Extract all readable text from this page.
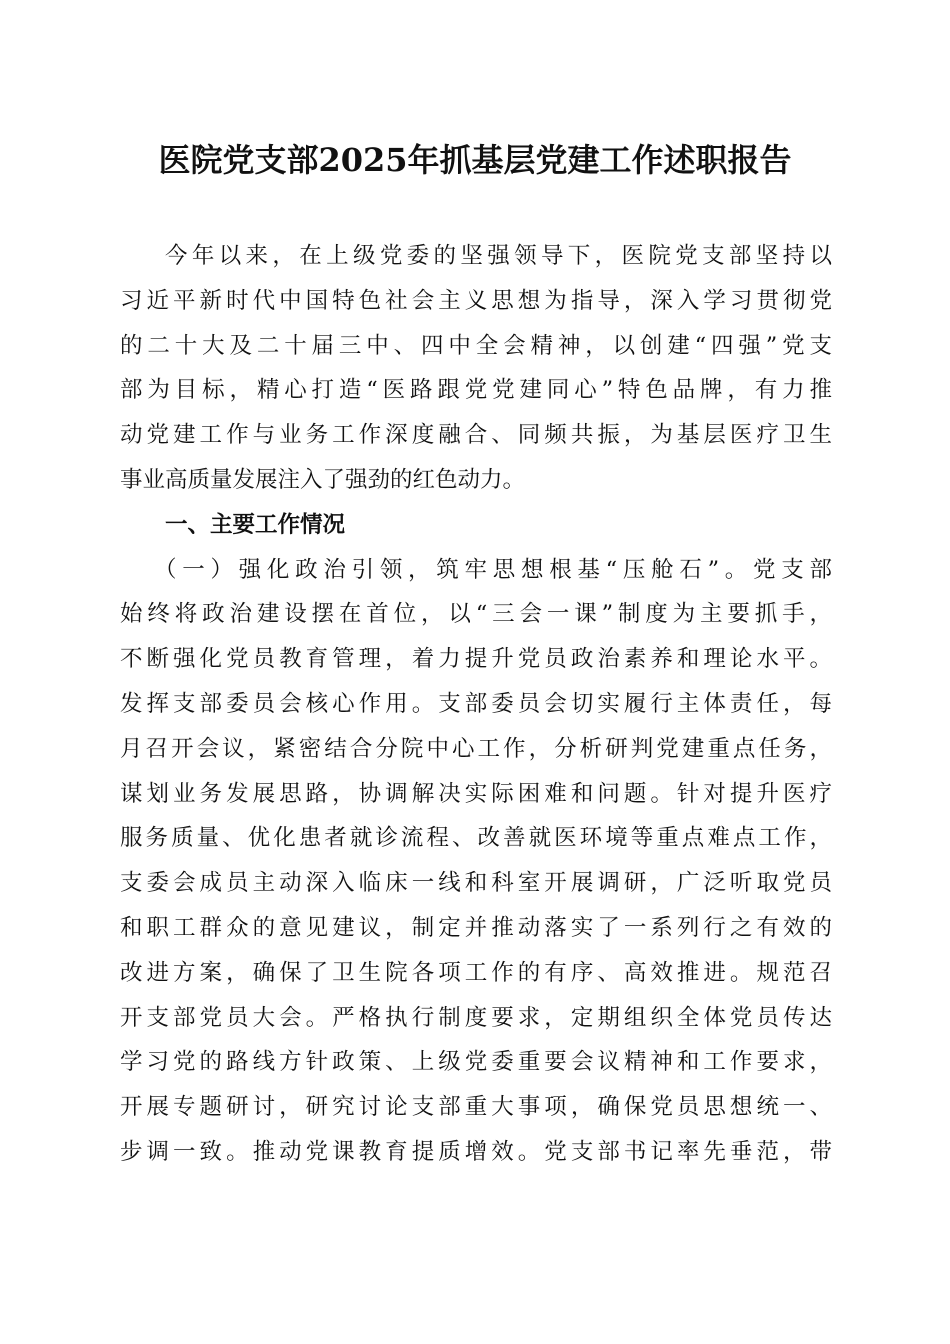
医院党支部2025年抓基层党建工作述职报告
今年以来，在上级党委的坚强领导下，医院党支部坚持以
习近平新时代中国特色社会主义思想为指导，深入学习贯彻党
的二十大及二十届三中、四中全会精神，以创建“四强”党支
部为目标，精心打造“医路跟党党建同心”特色品牌，有力推
动党建工作与业务工作深度融合、同频共振，为基层医疗卫生
事业高质量发展注入了强劲的红色动力。
一、主要工作情况
（一）强化政治引领，筑牢思想根基“压舱石”。党支部
始终将政治建设摆在首位，以“三会一课”制度为主要抓手，
不断强化党员教育管理，着力提升党员政治素养和理论水平。
发挥支部委员会核心作用。支部委员会切实履行主体责任，每
月召开会议，紧密结合分院中心工作，分析研判党建重点任务，
谋划业务发展思路，协调解决实际困难和问题。针对提升医疗
服务质量、优化患者就诊流程、改善就医环境等重点难点工作，
支委会成员主动深入临床一线和科室开展调研，广泛听取党员
和职工群众的意见建议，制定并推动落实了一系列行之有效的
改进方案，确保了卫生院各项工作的有序、高效推进。规范召
开支部党员大会。严格执行制度要求，定期组织全体党员传达
学习党的路线方针政策、上级党委重要会议精神和工作要求，
开展专题研讨，研究讨论支部重大事项，确保党员思想统一、
步调一致。推动党课教育提质增效。党支部书记率先垂范，带
